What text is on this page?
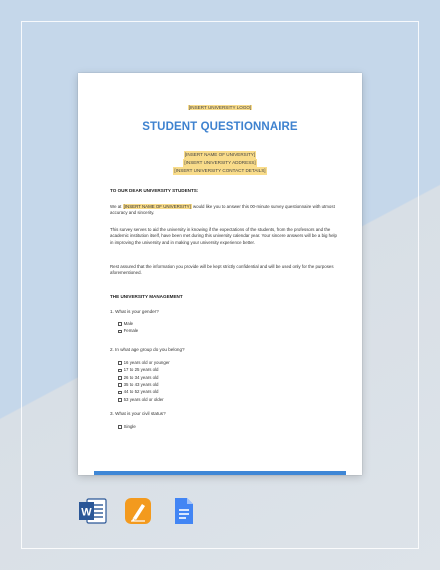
[INSERT UNIVERSITY LOGO]
STUDENT QUESTIONNAIRE
[INSERT NAME OF UNIVERSITY]
[INSERT UNIVERSITY ADDRESS]
[INSERT UNIVERSITY CONTACT DETAILS]
TO OUR DEAR UNIVERSITY STUDENTS:
We at [INSERT NAME OF UNIVERSITY] would like you to answer this 00-minute survey questionnaire with utmost accuracy and sincerity.
This survey serves to aid the university in knowing if the expectations of the students, from the professors and the academic institution itself, have been met during this university calendar year. Your sincere answers will be a big help in improving the university and in making your university experience better.
Rest assured that the information you provide will be kept strictly confidential and will be used only for the purposes aforementioned.
THE UNIVERSITY MANAGEMENT
1. What is your gender?
Male
Female
2. In what age group do you belong?
16 years old or younger
17 to 25 years old
26 to 34 years old
35 to 43 years old
44 to 52 years old
53 years old or older
3. What is your civil status?
Single
W
